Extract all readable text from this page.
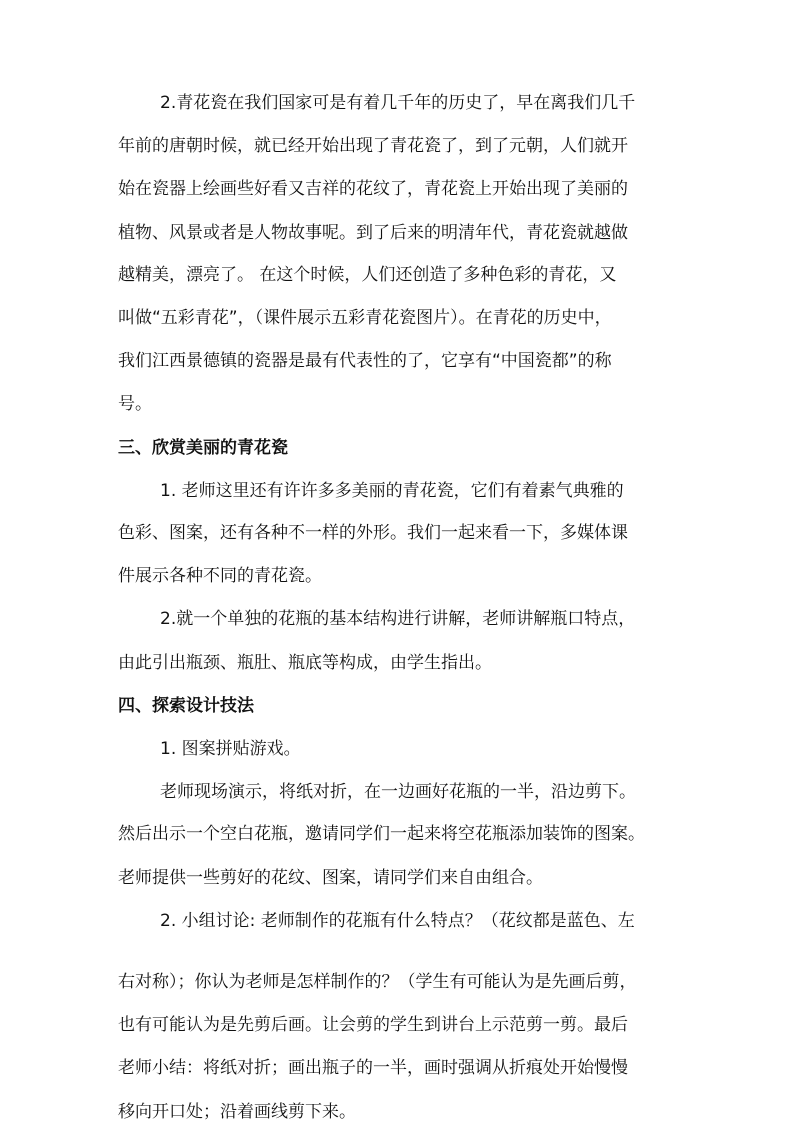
2.青花瓷在我们国家可是有着几千年的历史了，早在离我们几千
年前的唐朝时候，就已经开始出现了青花瓷了，到了元朝，人们就开
始在瓷器上绘画些好看又吉祥的花纹了，青花瓷上开始出现了美丽的
植物、风景或者是人物故事呢。到了后来的明清年代，青花瓷就越做
越精美，漂亮了。 在这个时候，人们还创造了多种色彩的青花，又
叫做“五彩青花”，（课件展示五彩青花瓷图片）。在青花的历史中，
我们江西景德镇的瓷器是最有代表性的了，它享有“中国瓷都”的称
号。
三、欣赏美丽的青花瓷
1. 老师这里还有许许多多美丽的青花瓷，它们有着素气典雅的
色彩、图案，还有各种不一样的外形。我们一起来看一下，多媒体课
件展示各种不同的青花瓷。
2.就一个单独的花瓶的基本结构进行讲解，老师讲解瓶口特点，
由此引出瓶颈、瓶肚、瓶底等构成，由学生指出。
四、探索设计技法
1. 图案拼贴游戏。
老师现场演示，将纸对折，在一边画好花瓶的一半，沿边剪下。
然后出示一个空白花瓶，邀请同学们一起来将空花瓶添加装饰的图案。
老师提供一些剪好的花纹、图案，请同学们来自由组合。
2. 小组讨论: 老师制作的花瓶有什么特点？（花纹都是蓝色、左
右对称）；你认为老师是怎样制作的？（学生有可能认为是先画后剪，
也有可能认为是先剪后画。让会剪的学生到讲台上示范剪一剪。最后
老师小结：将纸对折；画出瓶子的一半，画时强调从折痕处开始慢慢
移向开口处；沿着画线剪下来。
